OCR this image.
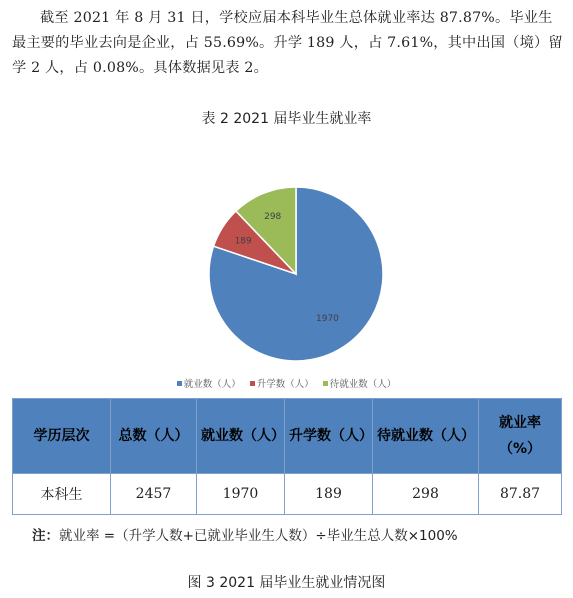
截至 2021 年 8 月 31 日，学校应届本科毕业生总体就业率达 87.87%。毕业生最主要的毕业去向是企业，占 55.69%。升学 189 人，占 7.61%，其中出国（境）留学 2 人，占 0.08%。具体数据见表 2。

表 2 2021 届毕业生就业率
1970
189
298
就业数（人） 升学数（人） 待就业数（人）
学历层次	总数（人）	就业数（人）	升学数（人）	待就业数（人）	就业率（%）
本科生	2457	1970	189	298	87.87
注：就业率 =（升学人数+已就业毕业生人数）÷毕业生总人数×100%
图 3 2021 届毕业生就业情况图
